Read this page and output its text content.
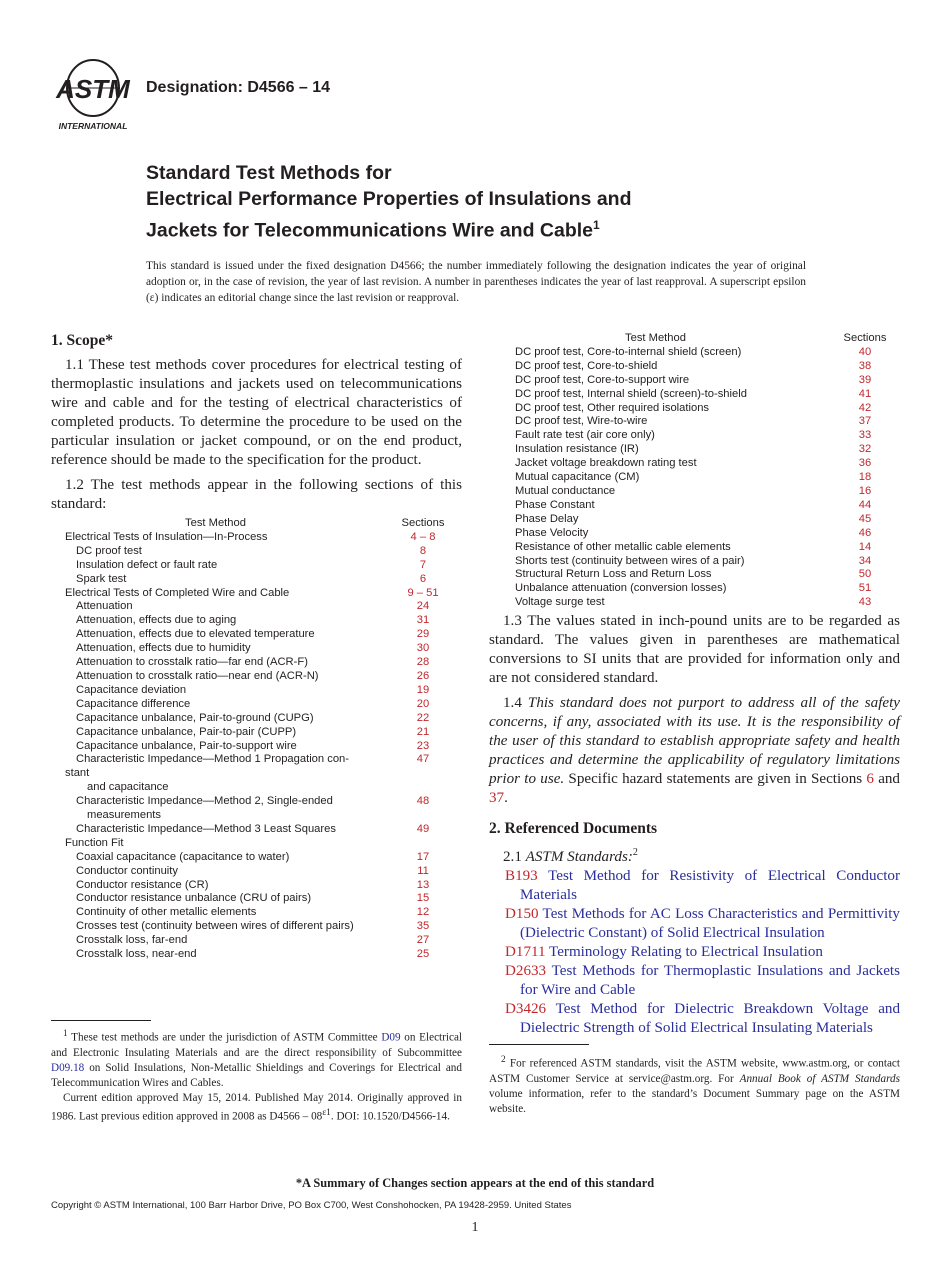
ASTM
INTERNATIONAL
Designation: D4566 – 14
Standard Test Methods for
Electrical Performance Properties of Insulations and
Jackets for Telecommunications Wire and Cable$^1$
This standard is issued under the fixed designation D4566; the number immediately following the designation indicates the year of original adoption or, in the case of revision, the year of last revision. A number in parentheses indicates the year of last reapproval. A superscript epsilon (ε) indicates an editorial change since the last revision or reapproval.
1. Scope*

1.1 These test methods cover procedures for electrical testing of thermoplastic insulations and jackets used on telecommunications wire and cable and for the testing of electrical characteristics of completed products. To determine the procedure to be used on the particular insulation or jacket compound, or on the end product, reference should be made to the specification for the product.

1.2 The test methods appear in the following sections of this standard:

Test Method	Sections
Electrical Tests of Insulation—In-Process	4 – 8
DC proof test	8
Insulation defect or fault rate	7
Spark test	6
Electrical Tests of Completed Wire and Cable	9 – 51
Attenuation	24
Attenuation, effects due to aging	31
Attenuation, effects due to elevated temperature	29
Attenuation, effects due to humidity	30
Attenuation to crosstalk ratio—far end (ACR-F)	28
Attenuation to crosstalk ratio—near end (ACR-N)	26
Capacitance deviation	19
Capacitance difference	20
Capacitance unbalance, Pair-to-ground (CUPG)	22
Capacitance unbalance, Pair-to-pair (CUPP)	21
Capacitance unbalance, Pair-to-support wire	23
Characteristic Impedance—Method 1 Propagation con-	47
stant
and capacitance
Characteristic Impedance—Method 2, Single-ended	48
measurements
Characteristic Impedance—Method 3 Least Squares	49
Function Fit
Coaxial capacitance (capacitance to water)	17
Conductor continuity	11
Conductor resistance (CR)	13
Conductor resistance unbalance (CRU of pairs)	15
Continuity of other metallic elements	12
Crosses test (continuity between wires of different pairs)	35
Crosstalk loss, far-end	27
Crosstalk loss, near-end	25
$^1$ These test methods are under the jurisdiction of ASTM Committee D09 on Electrical and Electronic Insulating Materials and are the direct responsibility of Subcommittee D09.18 on Solid Insulations, Non-Metallic Shieldings and Coverings for Electrical and Telecommunication Wires and Cables.
Current edition approved May 15, 2014. Published May 2014. Originally approved in 1986. Last previous edition approved in 2008 as $D4566 - 08^{\varepsilon 1}$. DOI: 10.1520/D4566-14.
Test Method	Sections
DC proof test, Core-to-internal shield (screen)	40
DC proof test, Core-to-shield	38
DC proof test, Core-to-support wire	39
DC proof test, Internal shield (screen)-to-shield	41
DC proof test, Other required isolations	42
DC proof test, Wire-to-wire	37
Fault rate test (air core only)	33
Insulation resistance (IR)	32
Jacket voltage breakdown rating test	36
Mutual capacitance (CM)	18
Mutual conductance	16
Phase Constant	44
Phase Delay	45
Phase Velocity	46
Resistance of other metallic cable elements	14
Shorts test (continuity between wires of a pair)	34
Structural Return Loss and Return Loss	50
Unbalance attenuation (conversion losses)	51
Voltage surge test	43

1.3 The values stated in inch-pound units are to be regarded as standard. The values given in parentheses are mathematical conversions to SI units that are provided for information only and are not considered standard.

1.4 This standard does not purport to address all of the safety concerns, if any, associated with its use. It is the responsibility of the user of this standard to establish appropriate safety and health practices and determine the applicability of regulatory limitations prior to use. Specific hazard statements are given in Sections 6 and 37.

2. Referenced Documents
2.1 ASTM Standards:$^2$
B193 Test Method for Resistivity of Electrical Conductor Materials
D150 Test Methods for AC Loss Characteristics and Permittivity (Dielectric Constant) of Solid Electrical Insulation
D1711 Terminology Relating to Electrical Insulation
D2633 Test Methods for Thermoplastic Insulations and Jackets for Wire and Cable
D3426 Test Method for Dielectric Breakdown Voltage and Dielectric Strength of Solid Electrical Insulating Materials
$^2$ For referenced ASTM standards, visit the ASTM website, www.astm.org, or contact ASTM Customer Service at service@astm.org. For Annual Book of ASTM Standards volume information, refer to the standard’s Document Summary page on the ASTM website.
*A Summary of Changes section appears at the end of this standard
Copyright © ASTM International, 100 Barr Harbor Drive, PO Box C700, West Conshohocken, PA 19428-2959. United States
1
